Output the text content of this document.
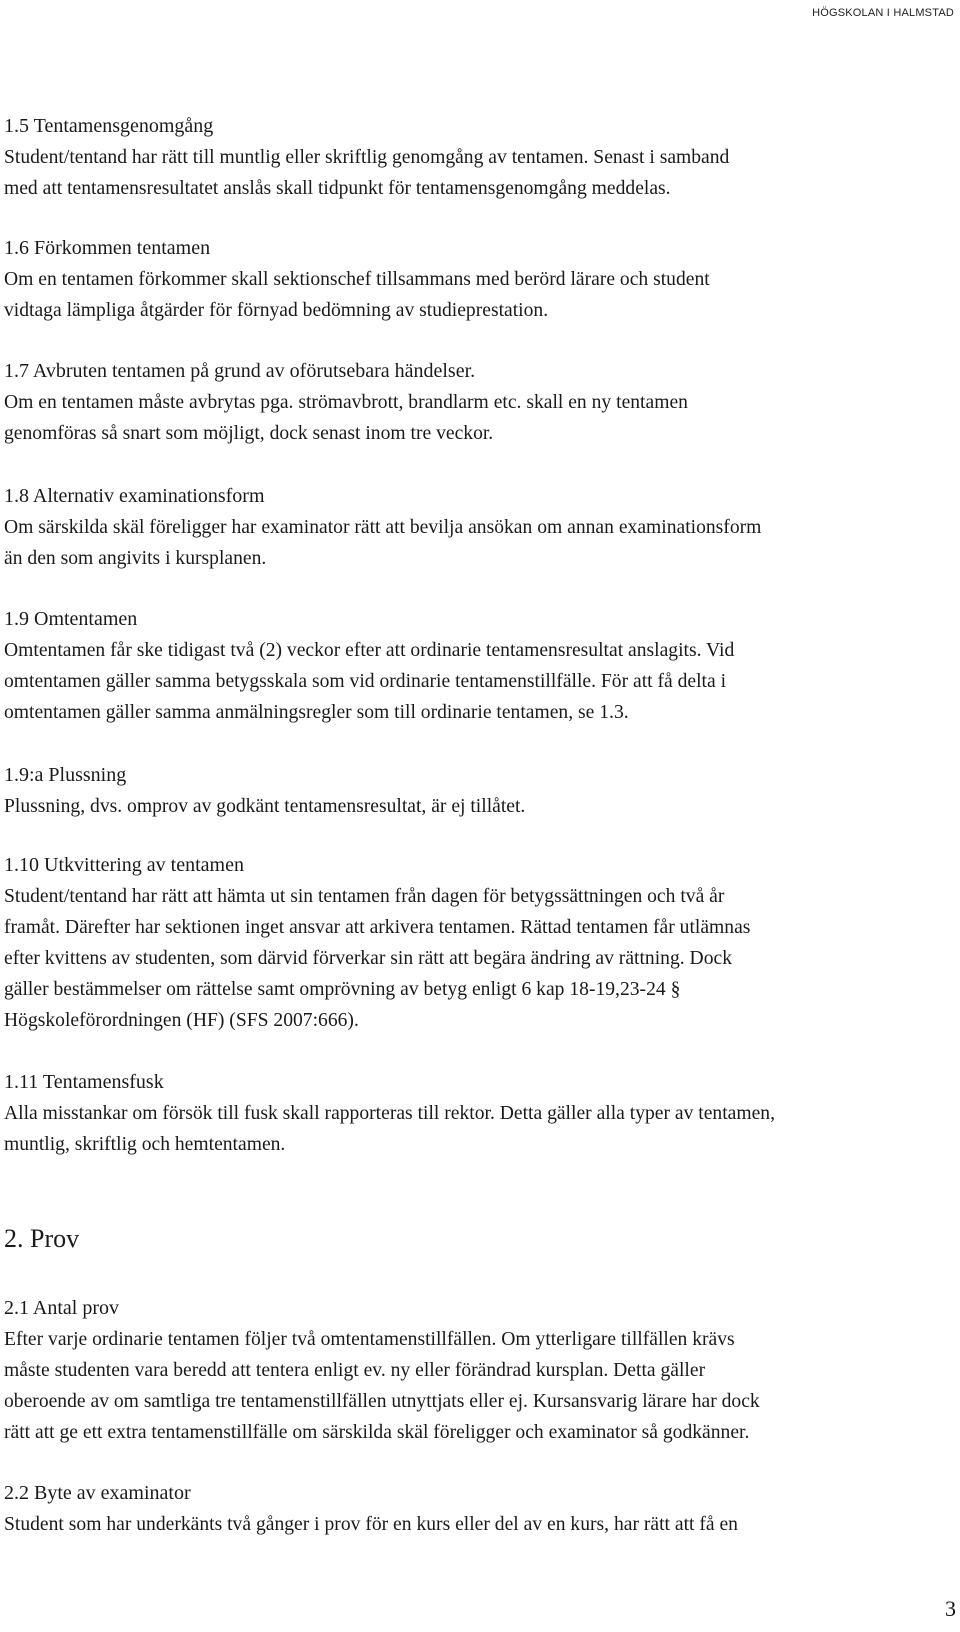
HÖGSKOLAN I HALMSTAD
1.5 Tentamensgenomgång

Student/tentand har rätt till muntlig eller skriftlig genomgång av tentamen. Senast i samband

med att tentamensresultatet anslås skall tidpunkt för tentamensgenomgång meddelas.

1.6 Förkommen tentamen

Om en tentamen förkommer skall sektionschef tillsammans med berörd lärare och student

vidtaga lämpliga åtgärder för förnyad bedömning av studieprestation.

1.7 Avbruten tentamen på grund av oförutsebara händelser.

Om en tentamen måste avbrytas pga. strömavbrott, brandlarm etc. skall en ny tentamen

genomföras så snart som möjligt, dock senast inom tre veckor.

1.8 Alternativ examinationsform

Om särskilda skäl föreligger har examinator rätt att bevilja ansökan om annan examinationsform

än den som angivits i kursplanen.

1.9 Omtentamen

Omtentamen får ske tidigast två (2) veckor efter att ordinarie tentamensresultat anslagits. Vid

omtentamen gäller samma betygsskala som vid ordinarie tentamenstillfälle. För att få delta i

omtentamen gäller samma anmälningsregler som till ordinarie tentamen, se 1.3.

1.9:a Plussning

Plussning, dvs. omprov av godkänt tentamensresultat, är ej tillåtet.

1.10 Utkvittering av tentamen

Student/tentand har rätt att hämta ut sin tentamen från dagen för betygssättningen och två år

framåt. Därefter har sektionen inget ansvar att arkivera tentamen. Rättad tentamen får utlämnas

efter kvittens av studenten, som därvid förverkar sin rätt att begära ändring av rättning. Dock

gäller bestämmelser om rättelse samt omprövning av betyg enligt 6 kap 18-19,23-24 §

Högskoleförordningen (HF) (SFS 2007:666).

1.11 Tentamensfusk

Alla misstankar om försök till fusk skall rapporteras till rektor. Detta gäller alla typer av tentamen,

muntlig, skriftlig och hemtentamen.

2. Prov
2.1 Antal prov

Efter varje ordinarie tentamen följer två omtentamenstillfällen. Om ytterligare tillfällen krävs

måste studenten vara beredd att tentera enligt ev. ny eller förändrad kursplan. Detta gäller

oberoende av om samtliga tre tentamenstillfällen utnyttjats eller ej. Kursansvarig lärare har dock

rätt att ge ett extra tentamenstillfälle om särskilda skäl föreligger och examinator så godkänner.

2.2 Byte av examinator

Student som har underkänts två gånger i prov för en kurs eller del av en kurs, har rätt att få en

3
